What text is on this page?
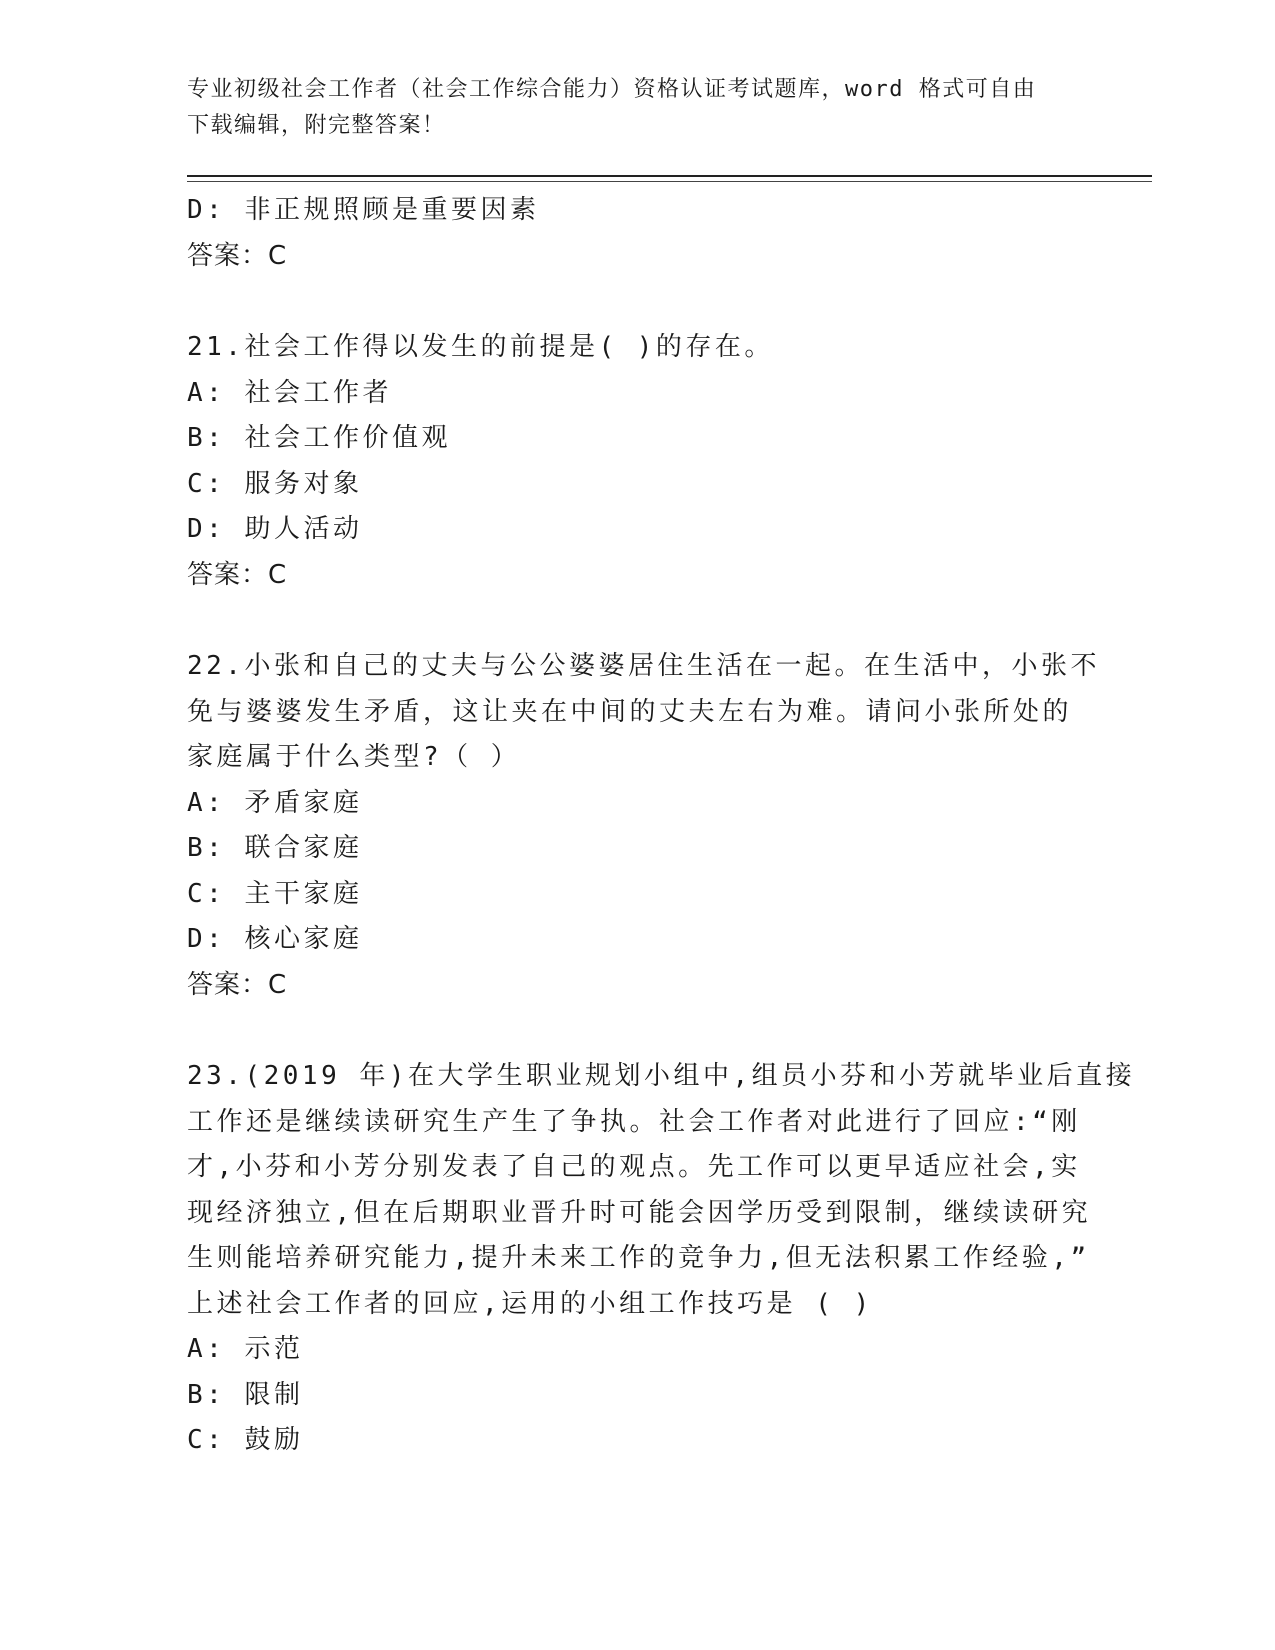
专业初级社会工作者（社会工作综合能力）资格认证考试题库，word 格式可自由
下载编辑，附完整答案！
D: 非正规照顾是重要因素
答案：C
21.社会工作得以发生的前提是( )的存在。
A: 社会工作者
B: 社会工作价值观
C: 服务对象
D: 助人活动
答案：C
22.小张和自己的丈夫与公公婆婆居住生活在一起。在生活中，小张不
免与婆婆发生矛盾，这让夹在中间的丈夫左右为难。请问小张所处的
家庭属于什么类型?（ ）
A: 矛盾家庭
B: 联合家庭
C: 主干家庭
D: 核心家庭
答案：C
23.(2019 年)在大学生职业规划小组中,组员小芬和小芳就毕业后直接
工作还是继续读研究生产生了争执。社会工作者对此进行了回应:“刚
才,小芬和小芳分别发表了自己的观点。先工作可以更早适应社会,实
现经济独立,但在后期职业晋升时可能会因学历受到限制，继续读研究
生则能培养研究能力,提升未来工作的竞争力,但无法积累工作经验,”
上述社会工作者的回应,运用的小组工作技巧是 ( )
A: 示范
B: 限制
C: 鼓励
